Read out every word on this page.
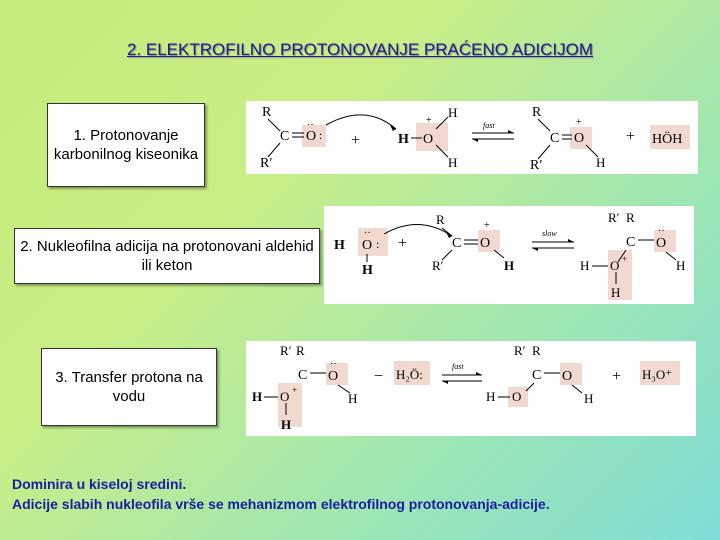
2. ELEKTROFILNO PROTONOVANJE PRAĆENO ADICIJOM
1. Protonovanje karbonilnog kiseonika
R
C O
··
:
R′
+	H O
+
H
H
fast
R
C O
+
R′	H
+ HÖH
2. Nukleofilna adicija na protonovani aldehid ili keton
H O
··
:
H
+
R
C O
+
R′	H
slow
R′ R
C O
··
H
H O +
H
3. Transfer protona na vodu
R′ R
C O
··
H
H O +
H
− H₂Ö:
fast
R′ R
C O
H
H O
+ H₃O⁺
Dominira u kiseloj sredini.
Adicije slabih nukleofila vrše se mehanizmom elektrofilnog protonovanja-adicije.
